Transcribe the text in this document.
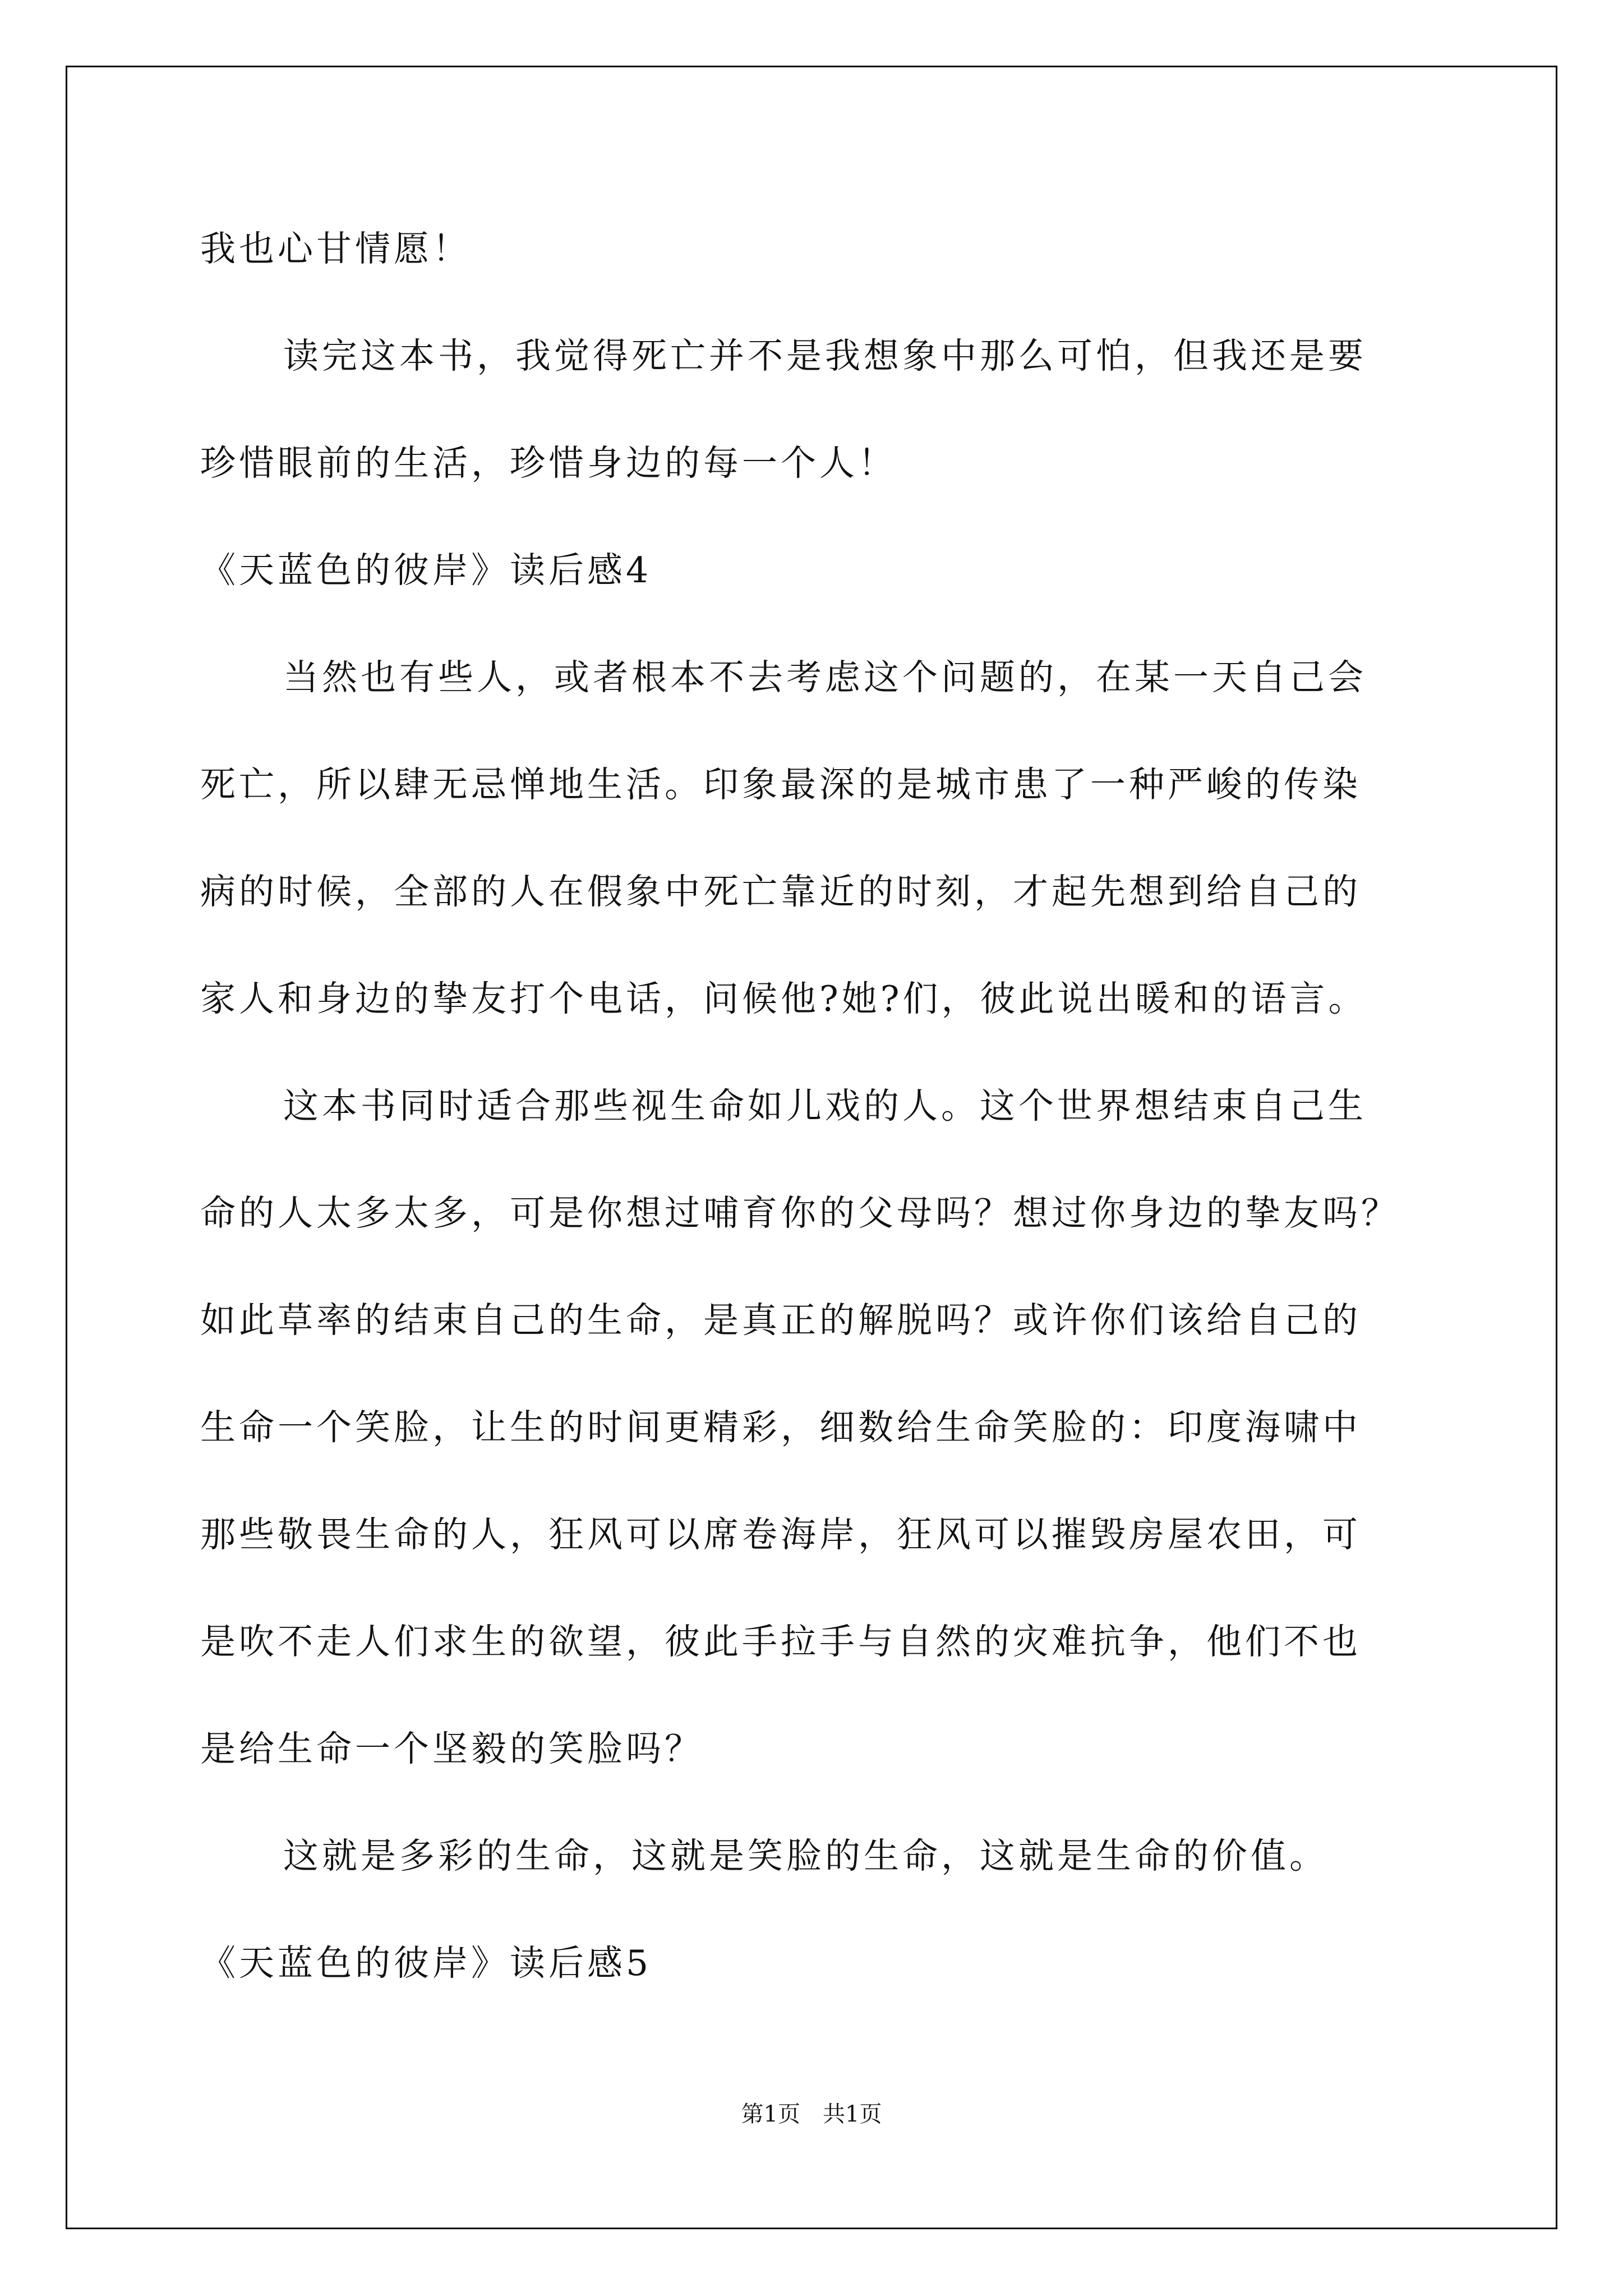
我也心甘情愿！
读完这本书，我觉得死亡并不是我想象中那么可怕，但我还是要
珍惜眼前的生活，珍惜身边的每一个人！
《天蓝色的彼岸》读后感4
当然也有些人，或者根本不去考虑这个问题的，在某一天自己会
死亡，所以肆无忌惮地生活。印象最深的是城市患了一种严峻的传染
病的时候，全部的人在假象中死亡靠近的时刻，才起先想到给自己的
家人和身边的挚友打个电话，问候他?她?们，彼此说出暖和的语言。
这本书同时适合那些视生命如儿戏的人。这个世界想结束自己生
命的人太多太多，可是你想过哺育你的父母吗？想过你身边的挚友吗？
如此草率的结束自己的生命，是真正的解脱吗？或许你们该给自己的
生命一个笑脸，让生的时间更精彩，细数给生命笑脸的：印度海啸中
那些敬畏生命的人，狂风可以席卷海岸，狂风可以摧毁房屋农田，可
是吹不走人们求生的欲望，彼此手拉手与自然的灾难抗争，他们不也
是给生命一个坚毅的笑脸吗？
这就是多彩的生命，这就是笑脸的生命，这就是生命的价值。
《天蓝色的彼岸》读后感5
第1页　共1页
